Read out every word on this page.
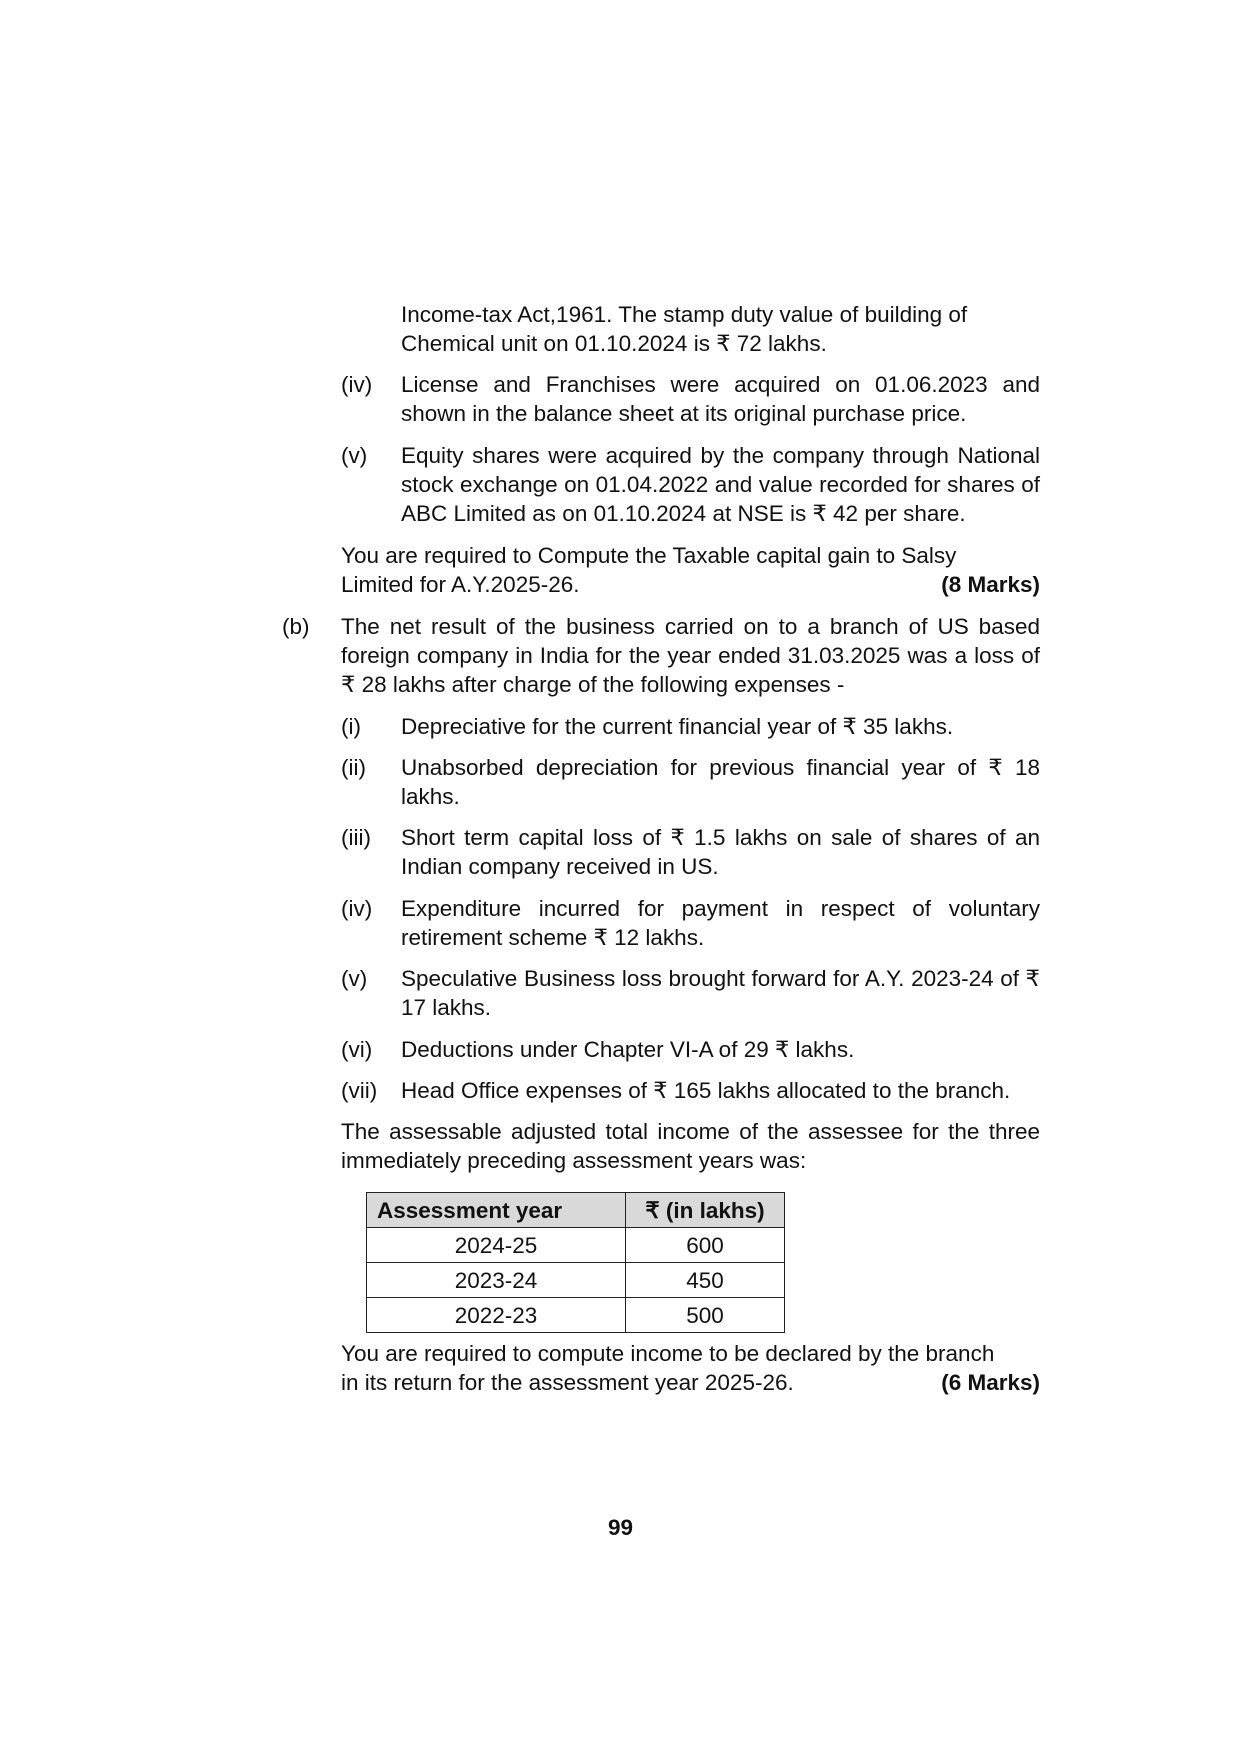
Income-tax Act,1961. The stamp duty value of building of
Chemical unit on 01.10.2024 is ₹ 72 lakhs.
(iv)	License and Franchises were acquired on 01.06.2023 and shown in the balance sheet at its original purchase price.
(v)	Equity shares were acquired by the company through National stock exchange on 01.04.2022 and value recorded for shares of ABC Limited as on 01.10.2024 at NSE is ₹ 42 per share.
You are required to Compute the Taxable capital gain to Salsy
Limited for A.Y.2025-26.	(8 Marks)
(b)	The net result of the business carried on to a branch of US based foreign company in India for the year ended 31.03.2025 was a loss of ₹ 28 lakhs after charge of the following expenses -
(i)	Depreciative for the current financial year of ₹ 35 lakhs.
(ii)	Unabsorbed depreciation for previous financial year of ₹ 18 lakhs.
(iii)	Short term capital loss of ₹ 1.5 lakhs on sale of shares of an Indian company received in US.
(iv)	Expenditure incurred for payment in respect of voluntary retirement scheme ₹ 12 lakhs.
(v)	Speculative Business loss brought forward for A.Y. 2023-24 of ₹ 17 lakhs.
(vi)	Deductions under Chapter VI-A of 29 ₹ lakhs.
(vii)	Head Office expenses of ₹ 165 lakhs allocated to the branch.
The assessable adjusted total income of the assessee for the three immediately preceding assessment years was:
Assessment year	₹ (in lakhs)
2024-25	600
2023-24	450
2022-23	500
You are required to compute income to be declared by the branch
in its return for the assessment year 2025-26.	(6 Marks)
99
